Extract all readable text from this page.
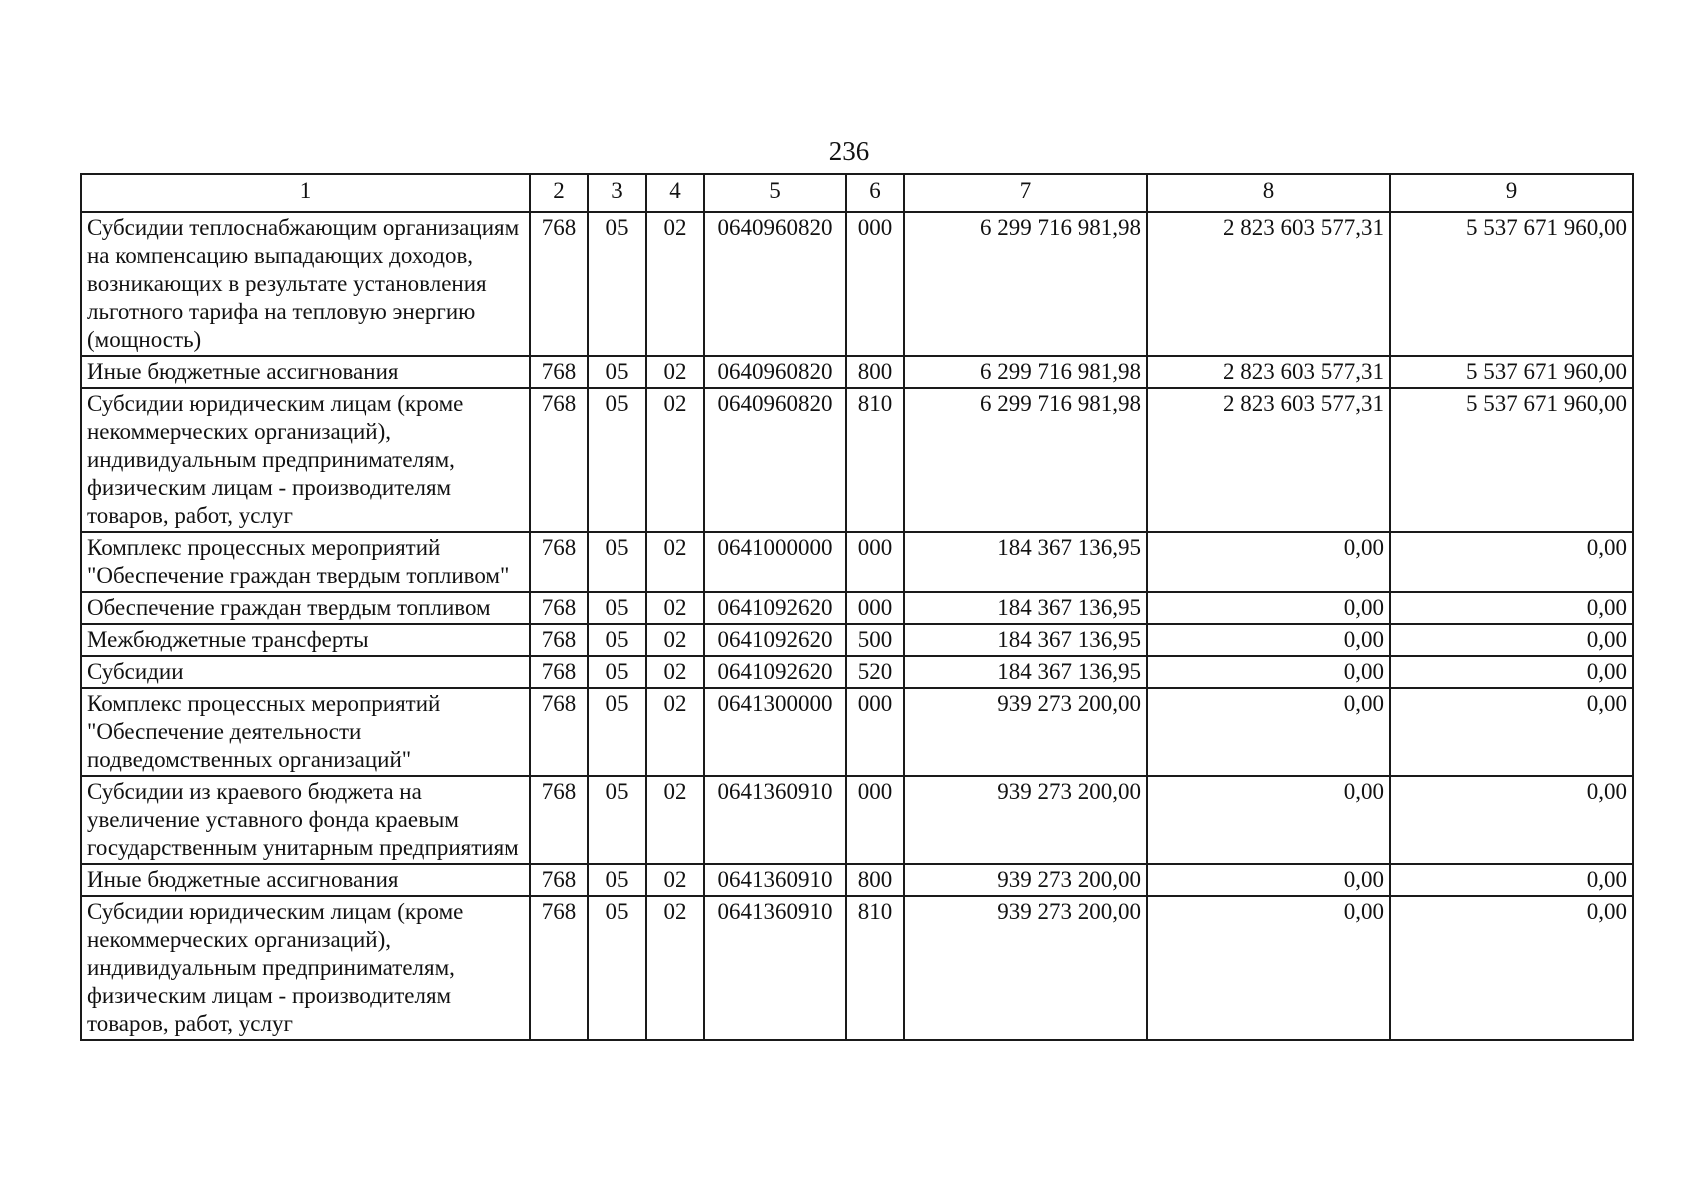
236
1	2	3	4	5	6	7	8	9
Субсидии теплоснабжающим организациям на компенсацию выпадающих доходов, возникающих в результате установления льготного тарифа на тепловую энергию (мощность)	768	05	02	0640960820	000	6 299 716 981,98	2 823 603 577,31	5 537 671 960,00
Иные бюджетные ассигнования	768	05	02	0640960820	800	6 299 716 981,98	2 823 603 577,31	5 537 671 960,00
Субсидии юридическим лицам (кроме некоммерческих организаций), индивидуальным предпринимателям, физическим лицам - производителям товаров, работ, услуг	768	05	02	0640960820	810	6 299 716 981,98	2 823 603 577,31	5 537 671 960,00
Комплекс процессных мероприятий "Обеспечение граждан твердым топливом"	768	05	02	0641000000	000	184 367 136,95	0,00	0,00
Обеспечение граждан твердым топливом	768	05	02	0641092620	000	184 367 136,95	0,00	0,00
Межбюджетные трансферты	768	05	02	0641092620	500	184 367 136,95	0,00	0,00
Субсидии	768	05	02	0641092620	520	184 367 136,95	0,00	0,00
Комплекс процессных мероприятий "Обеспечение деятельности подведомственных организаций"	768	05	02	0641300000	000	939 273 200,00	0,00	0,00
Субсидии из краевого бюджета на увеличение уставного фонда краевым государственным унитарным предприятиям	768	05	02	0641360910	000	939 273 200,00	0,00	0,00
Иные бюджетные ассигнования	768	05	02	0641360910	800	939 273 200,00	0,00	0,00
Субсидии юридическим лицам (кроме некоммерческих организаций), индивидуальным предпринимателям, физическим лицам - производителям товаров, работ, услуг	768	05	02	0641360910	810	939 273 200,00	0,00	0,00
